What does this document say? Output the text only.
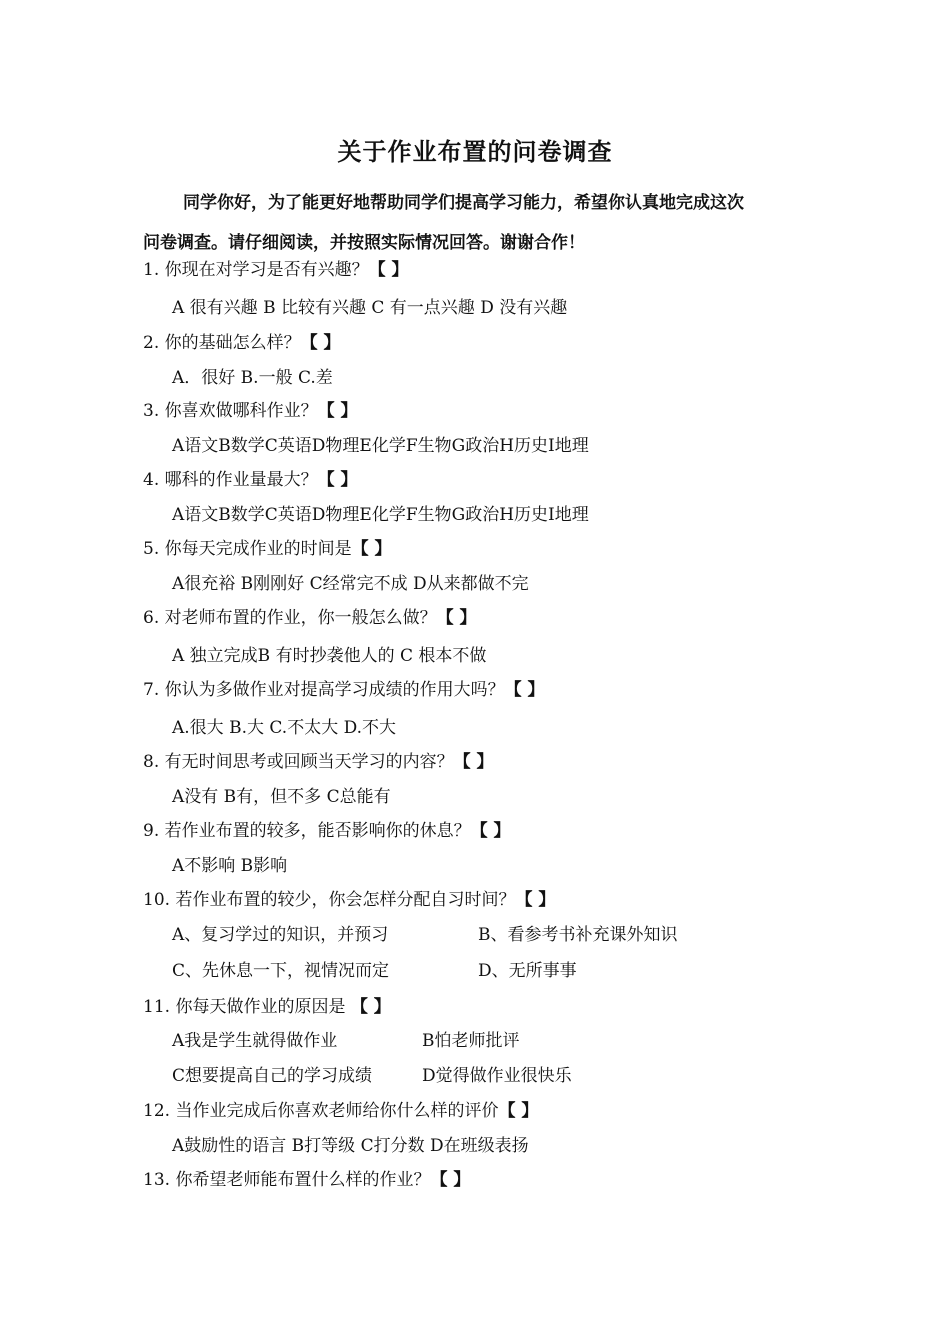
关于作业布置的问卷调查
同学你好，为了能更好地帮助同学们提高学习能力，希望你认真地完成这次
问卷调查。请仔细阅读，并按照实际情况回答。谢谢合作！
1. 你现在对学习是否有兴趣？【 】
A 很有兴趣 B 比较有兴趣 C 有一点兴趣 D 没有兴趣
2. 你的基础怎么样？【 】
A．很好 B.一般 C.差
3. 你喜欢做哪科作业？【 】
A语文B数学C英语D物理E化学F生物G政治H历史I地理
4. 哪科的作业量最大？【 】
A语文B数学C英语D物理E化学F生物G政治H历史I地理
5. 你每天完成作业的时间是【 】
A很充裕 B刚刚好 C经常完不成 D从来都做不完
6. 对老师布置的作业，你一般怎么做？【 】
A 独立完成B 有时抄袭他人的 C 根本不做
7. 你认为多做作业对提高学习成绩的作用大吗？【 】
A.很大 B.大 C.不太大 D.不大
8. 有无时间思考或回顾当天学习的内容？【 】
A没有 B有，但不多 C总能有
9. 若作业布置的较多，能否影响你的休息？【 】
A不影响 B影响
10. 若作业布置的较少，你会怎样分配自习时间？【 】
A、复习学过的知识，并预习	B、看参考书补充课外知识
C、先休息一下，视情况而定	D、无所事事
11. 你每天做作业的原因是 【 】
A我是学生就得做作业	B怕老师批评
C想要提高自己的学习成绩	D觉得做作业很快乐
12. 当作业完成后你喜欢老师给你什么样的评价【 】
A鼓励性的语言 B打等级 C打分数 D在班级表扬
13. 你希望老师能布置什么样的作业？【 】
